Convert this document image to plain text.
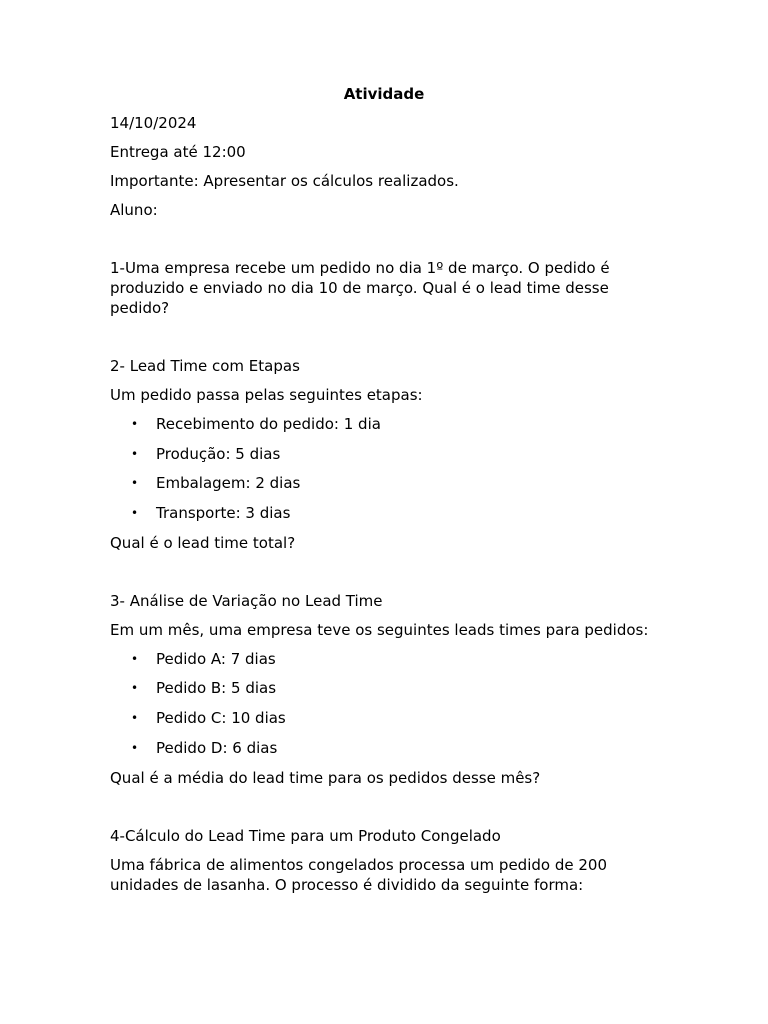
Atividade

14/10/2024

Entrega até 12:00

Importante: Apresentar os cálculos realizados.

Aluno:

1-Uma empresa recebe um pedido no dia 1º de março. O pedido é produzido e enviado no dia 10 de março. Qual é o lead time desse pedido?

2- Lead Time com Etapas

Um pedido passa pelas seguintes etapas:

• Recebimento do pedido: 1 dia
• Produção: 5 dias
• Embalagem: 2 dias
• Transporte: 3 dias

Qual é o lead time total?

3- Análise de Variação no Lead Time

Em um mês, uma empresa teve os seguintes leads times para pedidos:

• Pedido A: 7 dias
• Pedido B: 5 dias
• Pedido C: 10 dias
• Pedido D: 6 dias

Qual é a média do lead time para os pedidos desse mês?

4-Cálculo do Lead Time para um Produto Congelado

Uma fábrica de alimentos congelados processa um pedido de 200 unidades de lasanha. O processo é dividido da seguinte forma:
